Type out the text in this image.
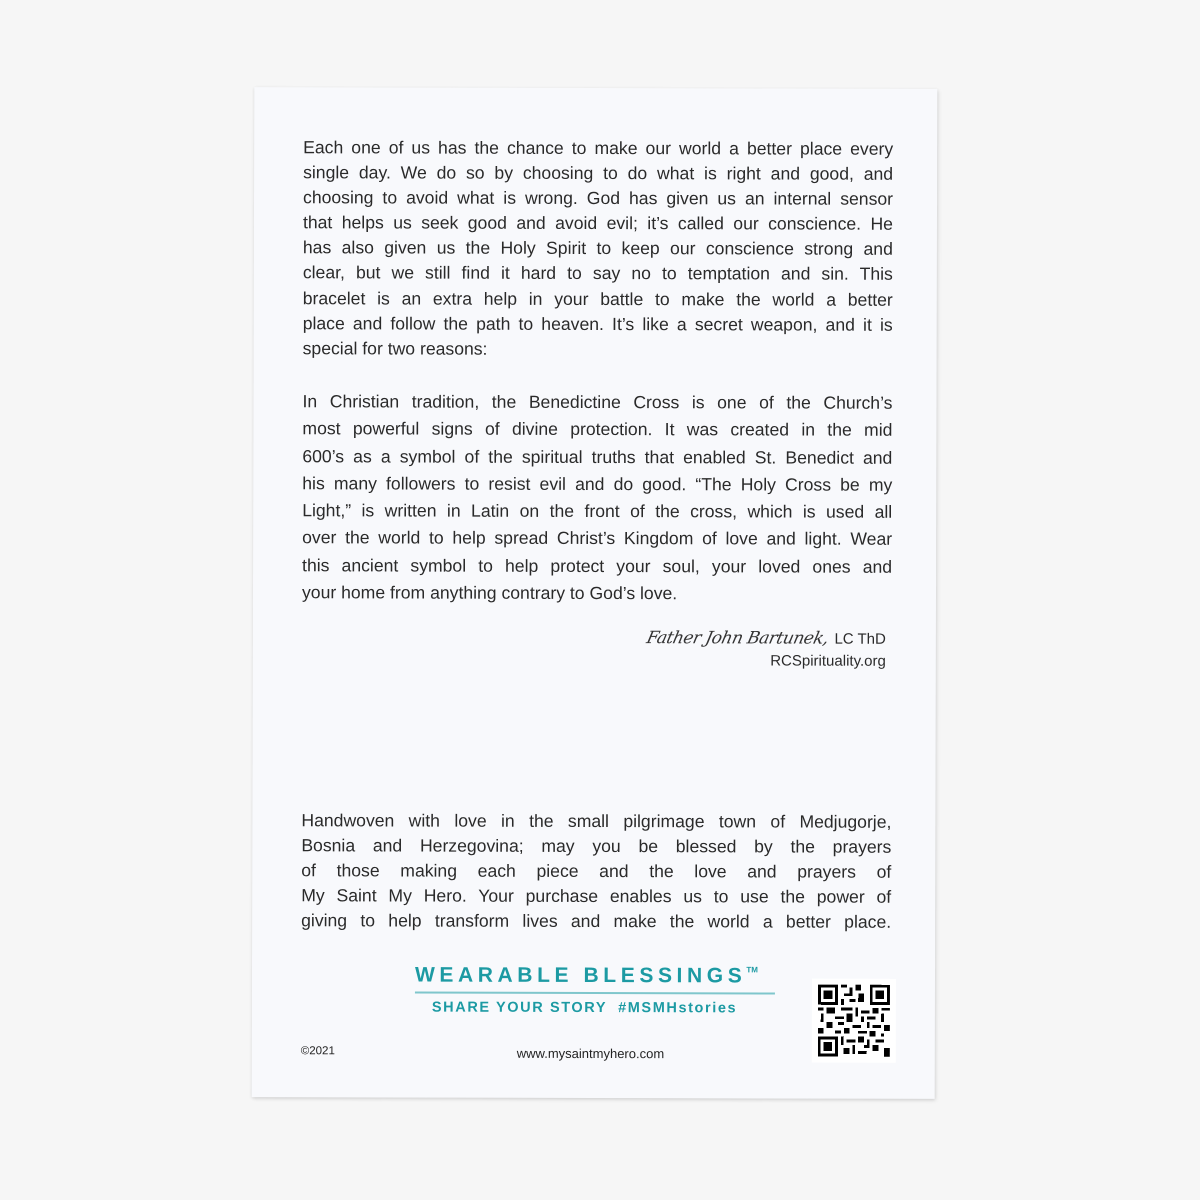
Each one of us has the chance to make our world a better place every
single day. We do so by choosing to do what is right and good, and
choosing to avoid what is wrong. God has given us an internal sensor
that helps us seek good and avoid evil; it’s called our conscience. He
has also given us the Holy Spirit to keep our conscience strong and
clear, but we still find it hard to say no to temptation and sin. This
bracelet is an extra help in your battle to make the world a better
place and follow the path to heaven. It’s like a secret weapon, and it is
special for two reasons:

In Christian tradition, the Benedictine Cross is one of the Church’s
most powerful signs of divine protection. It was created in the mid
600’s as a symbol of the spiritual truths that enabled St. Benedict and
his many followers to resist evil and do good. “The Holy Cross be my
Light,” is written in Latin on the front of the cross, which is used all
over the world to help spread Christ’s Kingdom of love and light. Wear
this ancient symbol to help protect your soul, your loved ones and
your home from anything contrary to God’s love.

Father John Bartunek, LC ThD
RCSpirituality.org

Handwoven with love in the small pilgrimage town of Medjugorje,
Bosnia and Herzegovina; may you be blessed by the prayers
of those making each piece and the love and prayers of
My Saint My Hero. Your purchase enables us to use the power of
giving to help transform lives and make the world a better place.

WEARABLE BLESSINGS™
SHARE YOUR STORY  #MSMHstories
©2021	www.mysaintmyhero.com
